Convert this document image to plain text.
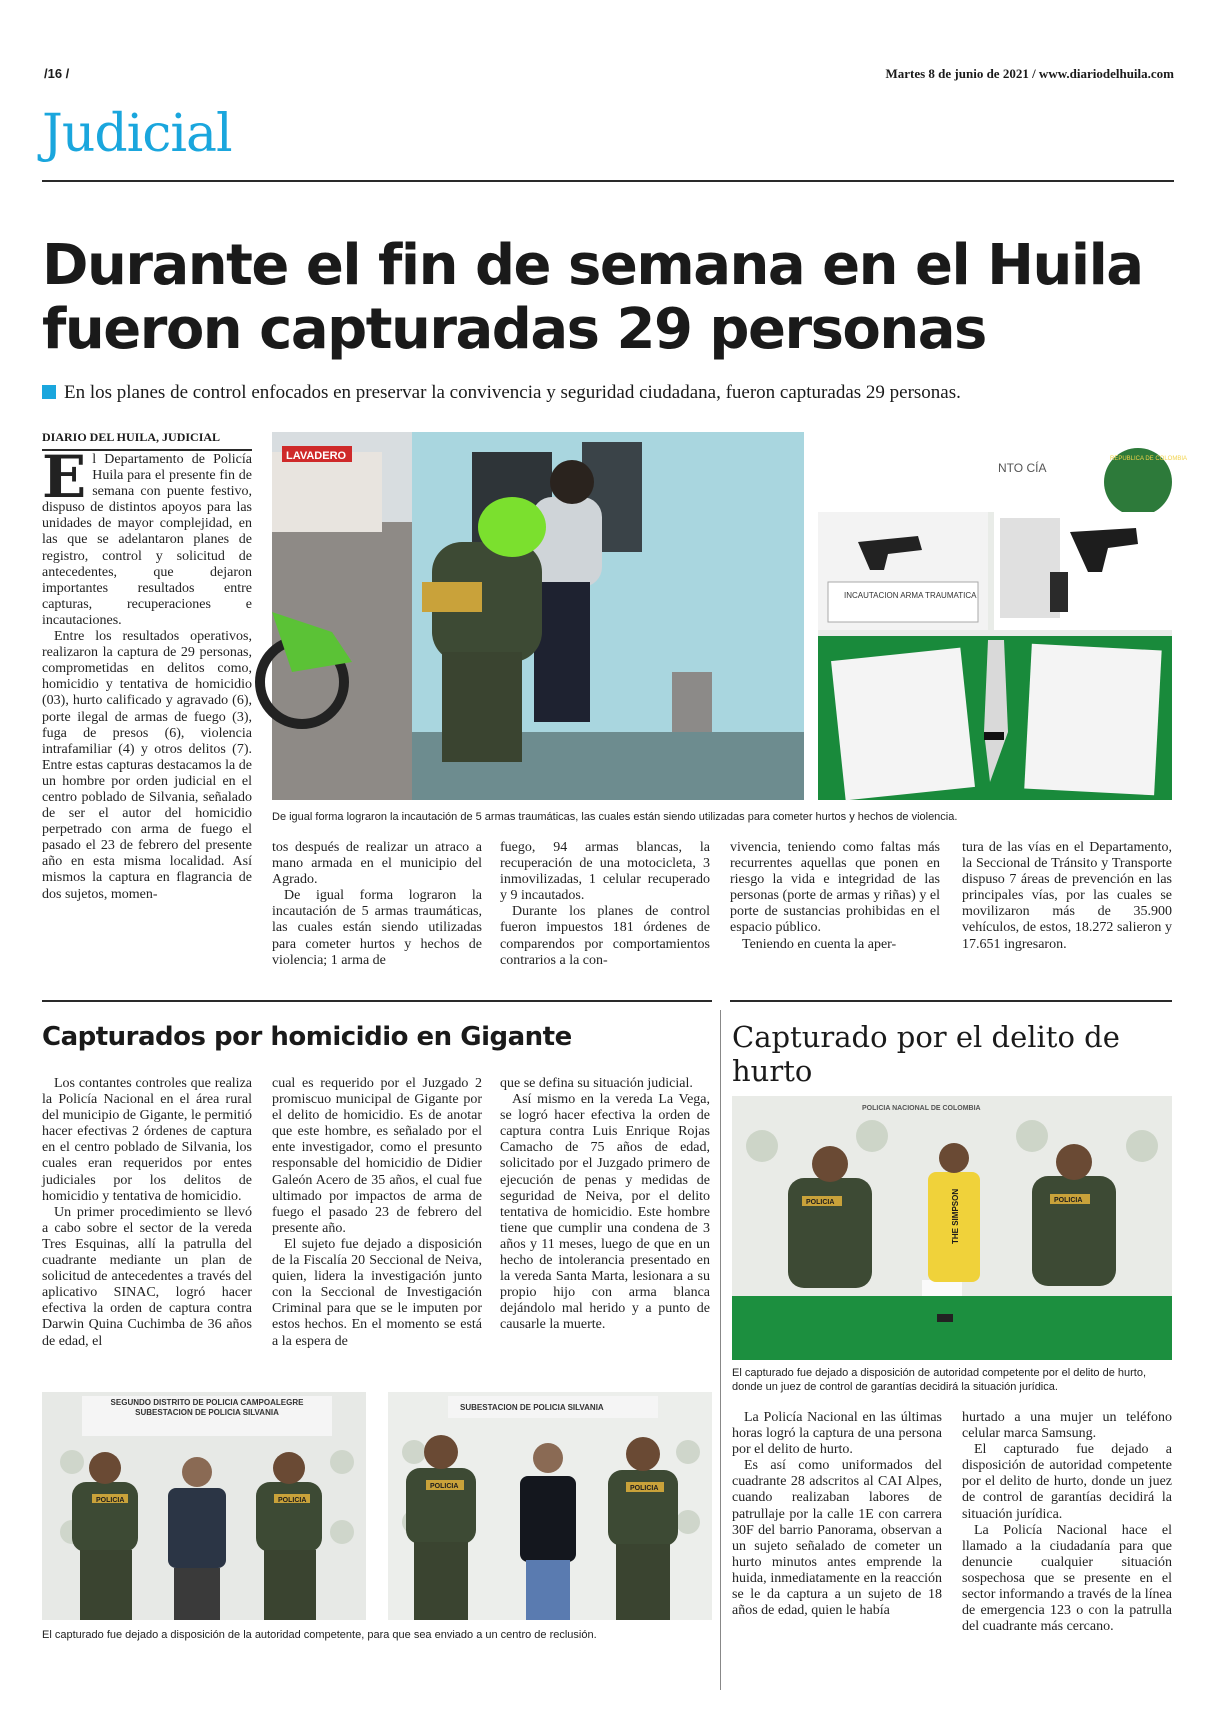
/16 /	Martes 8 de junio de 2021 / www.diariodelhuila.com
Judicial
Durante el fin de semana en el Huila
fueron capturadas 29 personas
En los planes de control enfocados en preservar la convivencia y seguridad ciudadana, fueron capturadas 29 personas.
DIARIO DEL HUILA, JUDICIAL

El Departamento de Policía Huila para el presente fin de semana con puente festivo, dispuso de distintos apoyos para las unidades de mayor complejidad, en las que se adelantaron planes de registro, control y solicitud de antecedentes, que dejaron importantes resultados entre capturas, recuperaciones e incautaciones.

Entre los resultados operativos, realizaron la captura de 29 personas, comprometidas en delitos como, homicidio y tentativa de homicidio (03), hurto calificado y agravado (6), porte ilegal de armas de fuego (3), fuga de presos (6), violencia intrafamiliar (4) y otros delitos (7). Entre estas capturas destacamos la de un hombre por orden judicial en el centro poblado de Silvania, señalado de ser el autor del homicidio perpetrado con arma de fuego el pasado el 23 de febrero del presente año en esta misma localidad. Así mismos la captura en flagrancia de dos sujetos, momen-

LAVADERO
NTO CÍA
REPUBLICA DE COLOMBIA
INCAUTACION ARMA TRAUMATICA
De igual forma lograron la incautación de 5 armas traumáticas, las cuales están siendo utilizadas para cometer hurtos y hechos de violencia.

tos después de realizar un atraco a mano armada en el municipio del Agrado.

De igual forma lograron la incautación de 5 armas traumáticas, las cuales están siendo utilizadas para cometer hurtos y hechos de violencia; 1 arma de

fuego, 94 armas blancas, la recuperación de una motocicleta, 3 inmovilizadas, 1 celular recuperado y 9 incautados.

Durante los planes de control fueron impuestos 181 órdenes de comparendos por comportamientos contrarios a la con-

vivencia, teniendo como faltas más recurrentes aquellas que ponen en riesgo la vida e integridad de las personas (porte de armas y riñas) y el porte de sustancias prohibidas en el espacio público.

Teniendo en cuenta la aper-

tura de las vías en el Departamento, la Seccional de Tránsito y Transporte dispuso 7 áreas de prevención en las principales vías, por las cuales se movilizaron más de 35.900 vehículos, de estos, 18.272 salieron y 17.651 ingresaron.

Capturados por homicidio en Gigante

Los contantes controles que realiza la Policía Nacional en el área rural del municipio de Gigante, le permitió hacer efectivas 2 órdenes de captura en el centro poblado de Silvania, los cuales eran requeridos por entes judiciales por los delitos de homicidio y tentativa de homicidio.

Un primer procedimiento se llevó a cabo sobre el sector de la vereda Tres Esquinas, allí la patrulla del cuadrante mediante un plan de solicitud de antecedentes a través del aplicativo SINAC, logró hacer efectiva la orden de captura contra Darwin Quina Cuchimba de 36 años de edad, el

cual es requerido por el Juzgado 2 promiscuo municipal de Gigante por el delito de homicidio. Es de anotar que este hombre, es señalado por el ente investigador, como el presunto responsable del homicidio de Didier Galeón Acero de 35 años, el cual fue ultimado por impactos de arma de fuego el pasado 23 de febrero del presente año.

El sujeto fue dejado a disposición de la Fiscalía 20 Seccional de Neiva, quien, lidera la investigación junto con la Seccional de Investigación Criminal para que se le imputen por estos hechos. En el momento se está a la espera de

que se defina su situación judicial.

Así mismo en la vereda La Vega, se logró hacer efectiva la orden de captura contra Luis Enrique Rojas Camacho de 75 años de edad, solicitado por el Juzgado primero de ejecución de penas y medidas de seguridad de Neiva, por el delito tentativa de homicidio. Este hombre tiene que cumplir una condena de 3 años y 11 meses, luego de que en un hecho de intolerancia presentado en la vereda Santa Marta, lesionara a su propio hijo con arma blanca dejándolo mal herido y a punto de causarle la muerte.

SEGUNDO DISTRITO DE POLICIA CAMPOALEGRE SUBESTACION DE POLICIA SILVANIA
POLICIA	POLICIA
SUBESTACION DE POLICIA SILVANIA
POLICIA	POLICIA
El capturado fue dejado a disposición de la autoridad competente, para que sea enviado a un centro de reclusión.
Capturado por el delito de hurto
POLICIA NACIONAL DE COLOMBIA
POLICIA	THE SIMPSON	POLICIA
El capturado fue dejado a disposición de autoridad competente por el delito de hurto, donde un juez de control de garantías decidirá la situación jurídica.

La Policía Nacional en las últimas horas logró la captura de una persona por el delito de hurto.

Es así como uniformados del cuadrante 28 adscritos al CAI Alpes, cuando realizaban labores de patrullaje por la calle 1E con carrera 30F del barrio Panorama, observan a un sujeto señalado de cometer un hurto minutos antes emprende la huida, inmediatamente en la reacción se le da captura a un sujeto de 18 años de edad, quien le había

hurtado a una mujer un teléfono celular marca Samsung.

El capturado fue dejado a disposición de autoridad competente por el delito de hurto, donde un juez de control de garantías decidirá la situación jurídica.

La Policía Nacional hace el llamado a la ciudadanía para que denuncie cualquier situación sospechosa que se presente en el sector informando a través de la línea de emergencia 123 o con la patrulla del cuadrante más cercano.
